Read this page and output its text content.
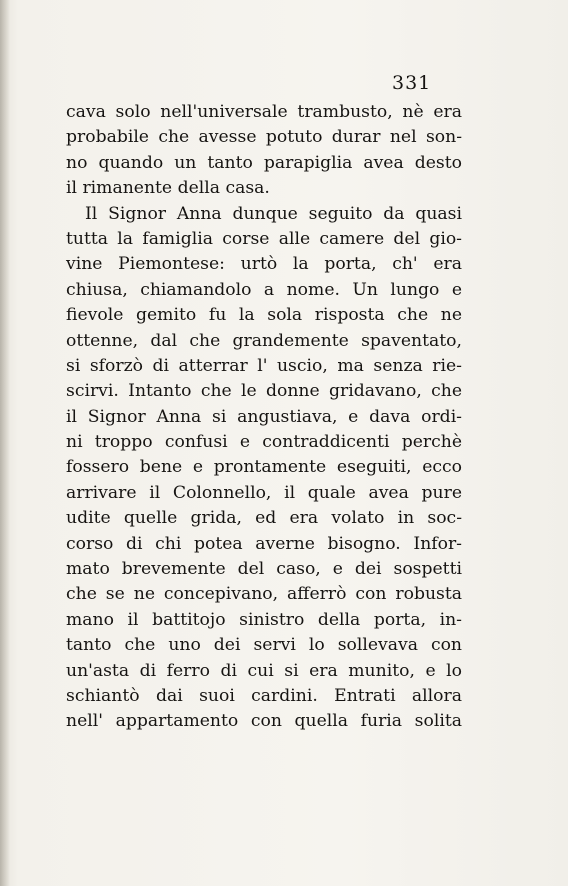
331
cava solo nell'universale trambusto, nè era
probabile che avesse potuto durar nel son-
no quando un tanto parapiglia avea desto
il rimanente della casa.
Il Signor Anna dunque seguito da quasi
tutta la famiglia corse alle camere del gio-
vine Piemontese: urtò la porta, ch' era
chiusa, chiamandolo a nome. Un lungo e
fievole gemito fu la sola risposta che ne
ottenne, dal che grandemente spaventato,
si sforzò di atterrar l' uscio, ma senza rie-
scirvi. Intanto che le donne gridavano, che
il Signor Anna si angustiava, e dava ordi-
ni troppo confusi e contraddicenti perchè
fossero bene e prontamente eseguiti, ecco
arrivare il Colonnello, il quale avea pure
udite quelle grida, ed era volato in soc-
corso di chi potea averne bisogno. Infor-
mato brevemente del caso, e dei sospetti
che se ne concepivano, afferrò con robusta
mano il battitojo sinistro della porta, in-
tanto che uno dei servi lo sollevava con
un'asta di ferro di cui si era munito, e lo
schiantò dai suoi cardini. Entrati allora
nell' appartamento con quella furia solita
